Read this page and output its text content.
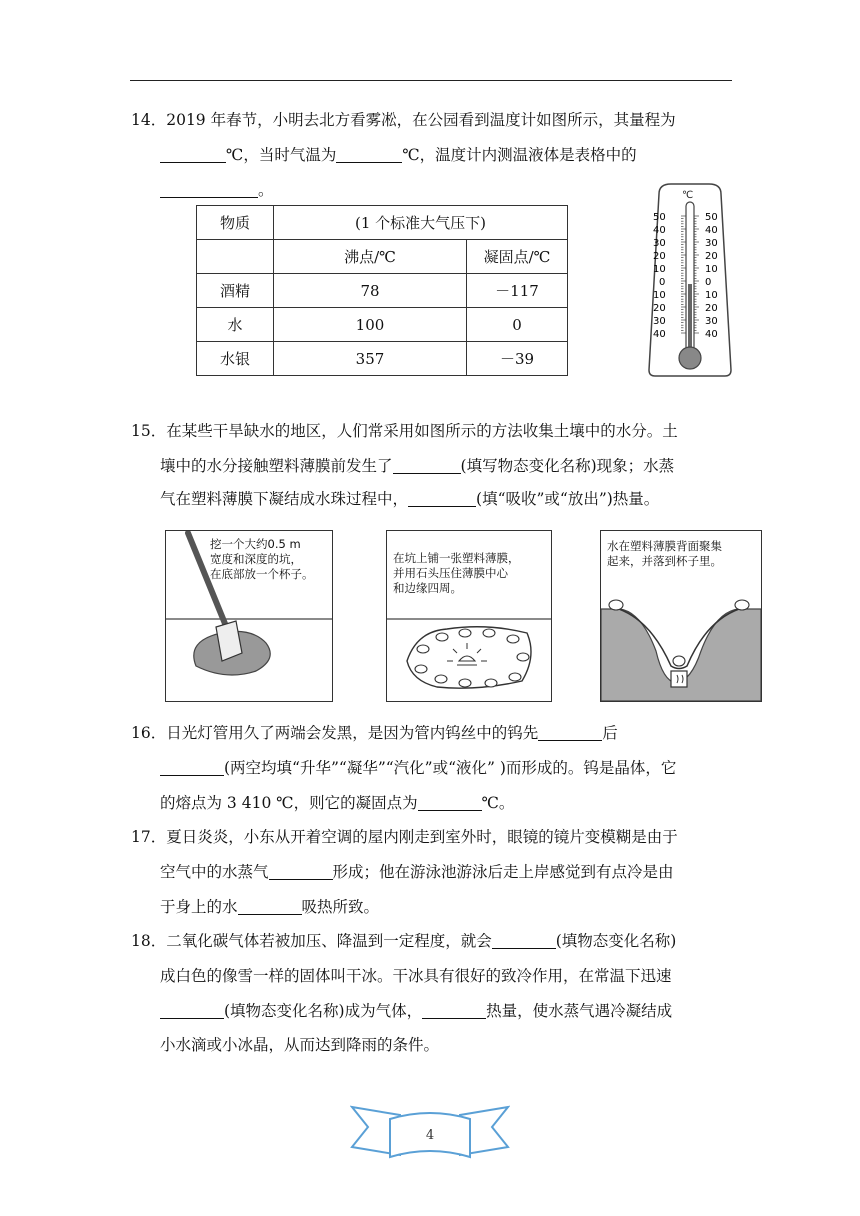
14．2019 年春节，小明去北方看雾凇，在公园看到温度计如图所示，其量程为
℃，当时气温为	℃，温度计内测温液体是表格中的
。
物质	(1 个标准大气压下)	
	沸点/℃	凝固点/℃
酒精	78	－117
水	100	0
水银	357	－39
℃
50
40
30
20
10
0
10
20
30
40
50
40
30
20
10
0
10
20
30
40
15．在某些干旱缺水的地区，人们常采用如图所示的方法收集土壤中的水分。土
壤中的水分接触塑料薄膜前发生了	(填写物态变化名称)现象；水蒸
气在塑料薄膜下凝结成水珠过程中，	(填“吸收”或“放出”)热量。
挖一个大约0.5 m
宽度和深度的坑，
在底部放一个杯子。
在坑上铺一张塑料薄膜，
并用石头压住薄膜中心
和边缘四周。
水在塑料薄膜背面聚集
起来，并落到杯子里。
16．日光灯管用久了两端会发黑，是因为管内钨丝中的钨先	后
(两空均填“升华”“凝华”“汽化”或“液化” )而形成的。钨是晶体，它
的熔点为 3 410 ℃，则它的凝固点为	℃。
17．夏日炎炎，小东从开着空调的屋内刚走到室外时，眼镜的镜片变模糊是由于
空气中的水蒸气	形成；他在游泳池游泳后走上岸感觉到有点冷是由
于身上的水	吸热所致。
18．二氧化碳气体若被加压、降温到一定程度，就会	(填物态变化名称)
成白色的像雪一样的固体叫干冰。干冰具有很好的致冷作用，在常温下迅速
(填物态变化名称)成为气体，	热量，使水蒸气遇冷凝结成
小水滴或小冰晶，从而达到降雨的条件。
4
